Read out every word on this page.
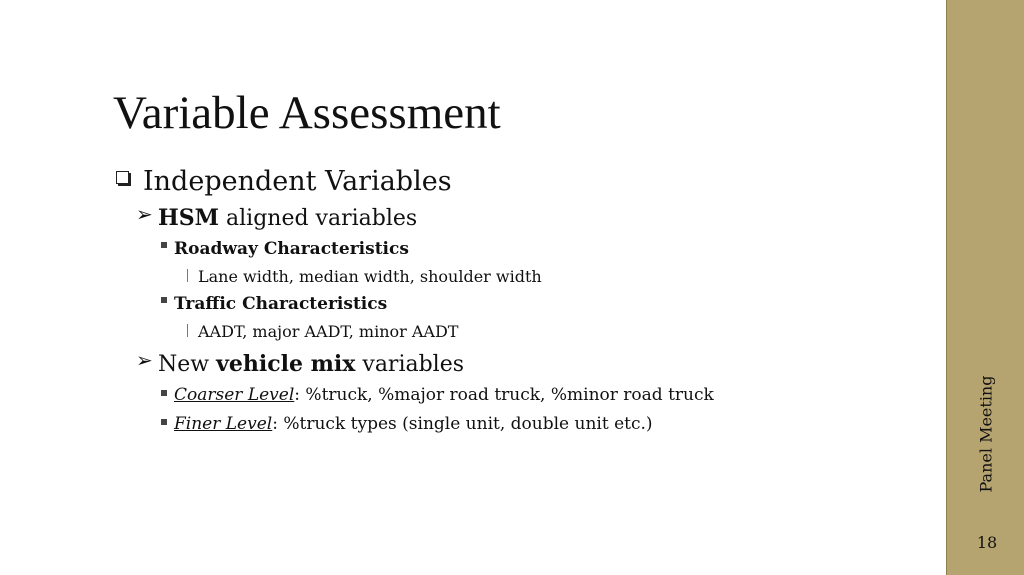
Variable Assessment
Independent Variables
➢ HSM aligned variables
Roadway Characteristics
Lane width, median width, shoulder width
Traffic Characteristics
AADT, major AADT, minor AADT
➢ New vehicle mix variables
Coarser Level: %truck, %major road truck, %minor road truck
Finer Level: %truck types (single unit, double unit etc.)	Panel Meeting
18
